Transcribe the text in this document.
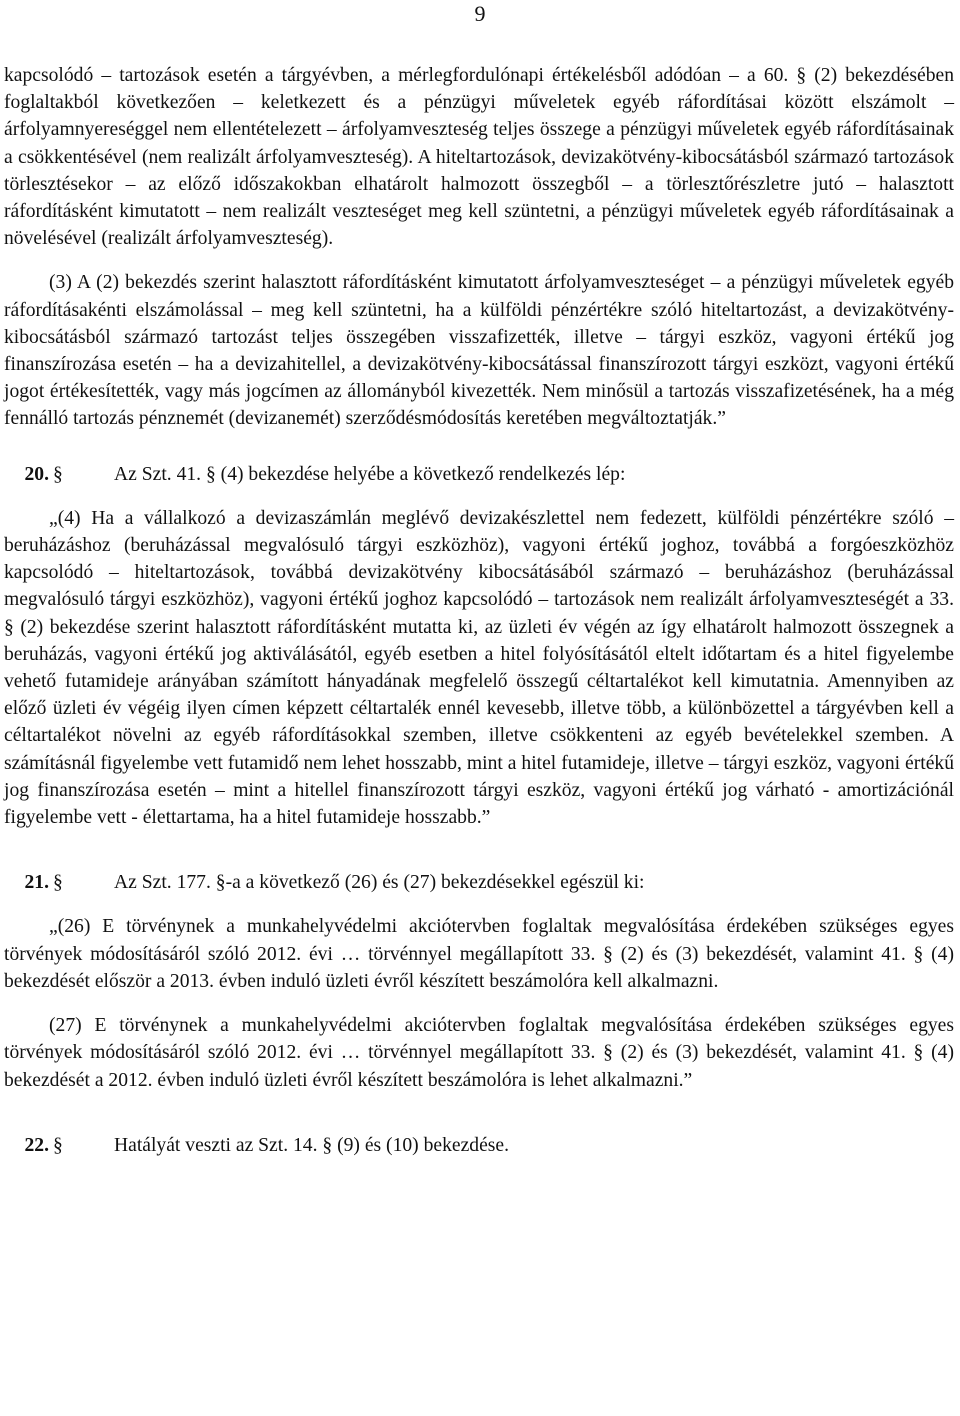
9

kapcsolódó – tartozások esetén a tárgyévben, a mérlegfordulónapi értékelésből adódóan – a 60. § (2) bekezdésében foglaltakból következően – keletkezett és a pénzügyi műveletek egyéb ráfordításai között elszámolt – árfolyamnyereséggel nem ellentételezett – árfolyamveszteség teljes összege a pénzügyi műveletek egyéb ráfordításainak a csökkentésével (nem realizált árfolyamveszteség). A hiteltartozások, devizakötvény-kibocsátásból származó tartozások törlesztésekor – az előző időszakokban elhatárolt halmozott összegből – a törlesztőrészletre jutó – halasztott ráfordításként kimutatott – nem realizált veszteséget meg kell szüntetni, a pénzügyi műveletek egyéb ráfordításainak a növelésével (realizált árfolyamveszteség).

(3) A (2) bekezdés szerint halasztott ráfordításként kimutatott árfolyamveszteséget – a pénzügyi műveletek egyéb ráfordításakénti elszámolással – meg kell szüntetni, ha a külföldi pénzértékre szóló hiteltartozást, a devizakötvény-kibocsátásból származó tartozást teljes összegében visszafizették, illetve – tárgyi eszköz, vagyoni értékű jog finanszírozása esetén – ha a devizahitellel, a devizakötvény-kibocsátással finanszírozott tárgyi eszközt, vagyoni értékű jogot értékesítették, vagy más jogcímen az állományból kivezették. Nem minősül a tartozás visszafizetésének, ha a még fennálló tartozás pénznemét (devizanemét) szerződésmódosítás keretében megváltoztatják.”

20. §	Az Szt. 41. § (4) bekezdése helyébe a következő rendelkezés lép:

„(4) Ha a vállalkozó a devizaszámlán meglévő devizakészlettel nem fedezett, külföldi pénzértékre szóló – beruházáshoz (beruházással megvalósuló tárgyi eszközhöz), vagyoni értékű joghoz, továbbá a forgóeszközhöz kapcsolódó – hiteltartozások, továbbá devizakötvény kibocsátásából származó – beruházáshoz (beruházással megvalósuló tárgyi eszközhöz), vagyoni értékű joghoz kapcsolódó – tartozások nem realizált árfolyamveszteségét a 33. § (2) bekezdése szerint halasztott ráfordításként mutatta ki, az üzleti év végén az így elhatárolt halmozott összegnek a beruházás, vagyoni értékű jog aktiválásától, egyéb esetben a hitel folyósításától eltelt időtartam és a hitel figyelembe vehető futamideje arányában számított hányadának megfelelő összegű céltartalékot kell kimutatnia. Amennyiben az előző üzleti év végéig ilyen címen képzett céltartalék ennél kevesebb, illetve több, a különbözettel a tárgyévben kell a céltartalékot növelni az egyéb ráfordításokkal szemben, illetve csökkenteni az egyéb bevételekkel szemben. A számításnál figyelembe vett futamidő nem lehet hosszabb, mint a hitel futamideje, illetve – tárgyi eszköz, vagyoni értékű jog finanszírozása esetén – mint a hitellel finanszírozott tárgyi eszköz, vagyoni értékű jog várható - amortizációnál figyelembe vett - élettartama, ha a hitel futamideje hosszabb.”

21. §	Az Szt. 177. §-a a következő (26) és (27) bekezdésekkel egészül ki:

„(26) E törvénynek a munkahelyvédelmi akciótervben foglaltak megvalósítása érdekében szükséges egyes törvények módosításáról szóló 2012. évi … törvénnyel megállapított 33. § (2) és (3) bekezdését, valamint 41. § (4) bekezdését először a 2013. évben induló üzleti évről készített beszámolóra kell alkalmazni.

(27) E törvénynek a munkahelyvédelmi akciótervben foglaltak megvalósítása érdekében szükséges egyes törvények módosításáról szóló 2012. évi … törvénnyel megállapított 33. § (2) és (3) bekezdését, valamint 41. § (4) bekezdését a 2012. évben induló üzleti évről készített beszámolóra is lehet alkalmazni.”

22. §	Hatályát veszti az Szt. 14. § (9) és (10) bekezdése.
